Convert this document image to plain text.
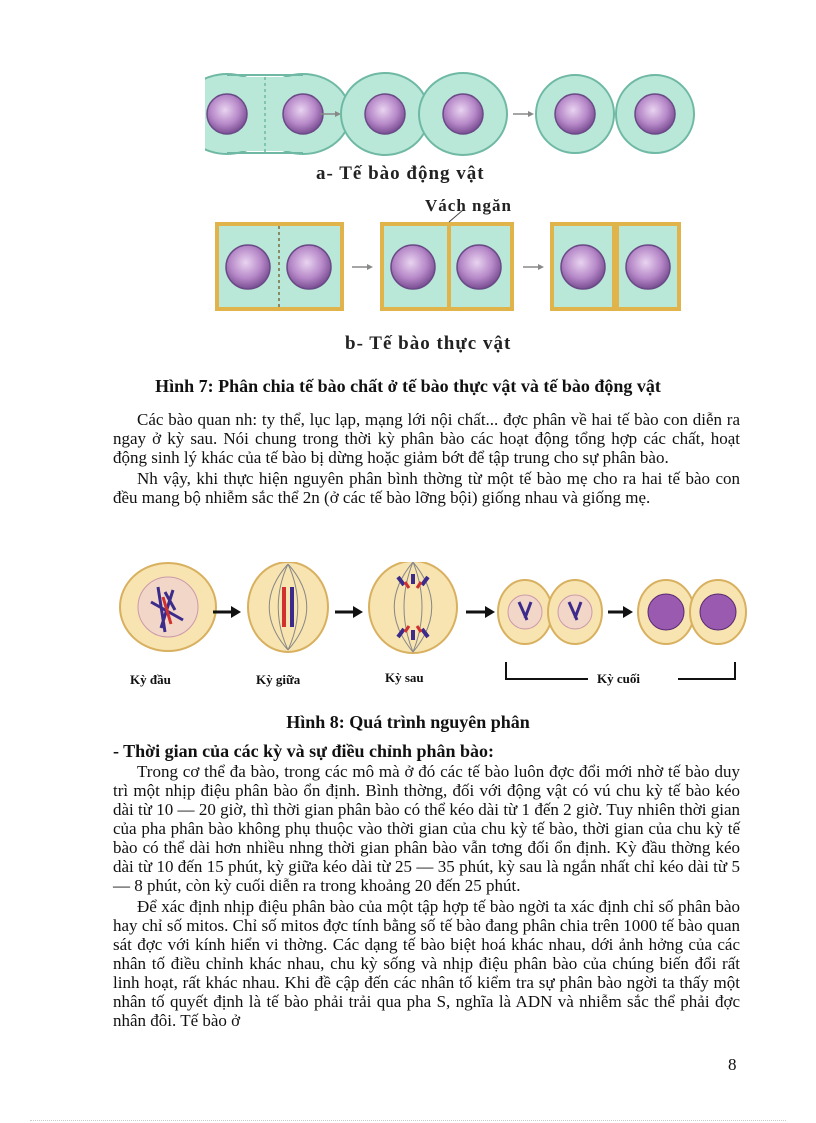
a- Tế bào động vật
Vách ngăn
b- Tế bào thực vật
Hình 7: Phân chia tế bào chất ở tế bào thực vật và tế bào động vật

Các bào quan nh: ty thể, lục lạp, mạng lới nội chất... đợc phân về hai tế bào con diễn ra ngay ở kỳ sau. Nói chung trong thời kỳ phân bào các hoạt động tổng hợp các chất, hoạt động sinh lý khác của tế bào bị dừng hoặc giảm bớt để tập trung cho sự phân bào.

Nh vậy, khi thực hiện nguyên phân bình thờng từ một tế bào mẹ cho ra hai tế bào con đều mang bộ nhiễm sắc thể 2n (ở các tế bào lỡng bội) giống nhau và giống mẹ.

Kỳ đầu	Kỳ giữa	Kỳ sau	Kỳ cuối
Hình 8: Quá trình nguyên phân
- Thời gian của các kỳ và sự điều chỉnh phân bào:

Trong cơ thể đa bào, trong các mô mà ở đó các tế bào luôn đợc đổi mới nhờ tế bào duy trì một nhịp điệu phân bào ổn định. Bình thờng, đối với động vật có vú chu kỳ tế bào kéo dài từ 10 — 20 giờ, thì thời gian phân bào có thể kéo dài từ 1 đến 2 giờ. Tuy nhiên thời gian của pha phân bào không phụ thuộc vào thời gian của chu kỳ tế bào, thời gian của chu kỳ tế bào có thể dài hơn nhiều nhng thời gian phân bào vẫn tơng đối ổn định. Kỳ đầu thờng kéo dài từ 10 đến 15 phút, kỳ giữa kéo dài từ 25 — 35 phút, kỳ sau là ngắn nhất chỉ kéo dài từ 5 — 8 phút, còn kỳ cuối diễn ra trong khoảng 20 đến 25 phút.

Để xác định nhịp điệu phân bào của một tập hợp tế bào ngời ta xác định chỉ số phân bào hay chỉ số mitos. Chỉ số mitos đợc tính bằng số tế bào đang phân chia trên 1000 tế bào quan sát đợc với kính hiển vi thờng. Các dạng tế bào biệt hoá khác nhau, dới ảnh hởng của các nhân tố điều chỉnh khác nhau, chu kỳ sống và nhịp điệu phân bào của chúng biến đổi rất linh hoạt, rất khác nhau. Khi đề cập đến các nhân tố kiểm tra sự phân bào ngời ta thấy một nhân tố quyết định là tế bào phải trải qua pha S, nghĩa là ADN và nhiễm sắc thể phải đợc nhân đôi. Tế bào ở

8
